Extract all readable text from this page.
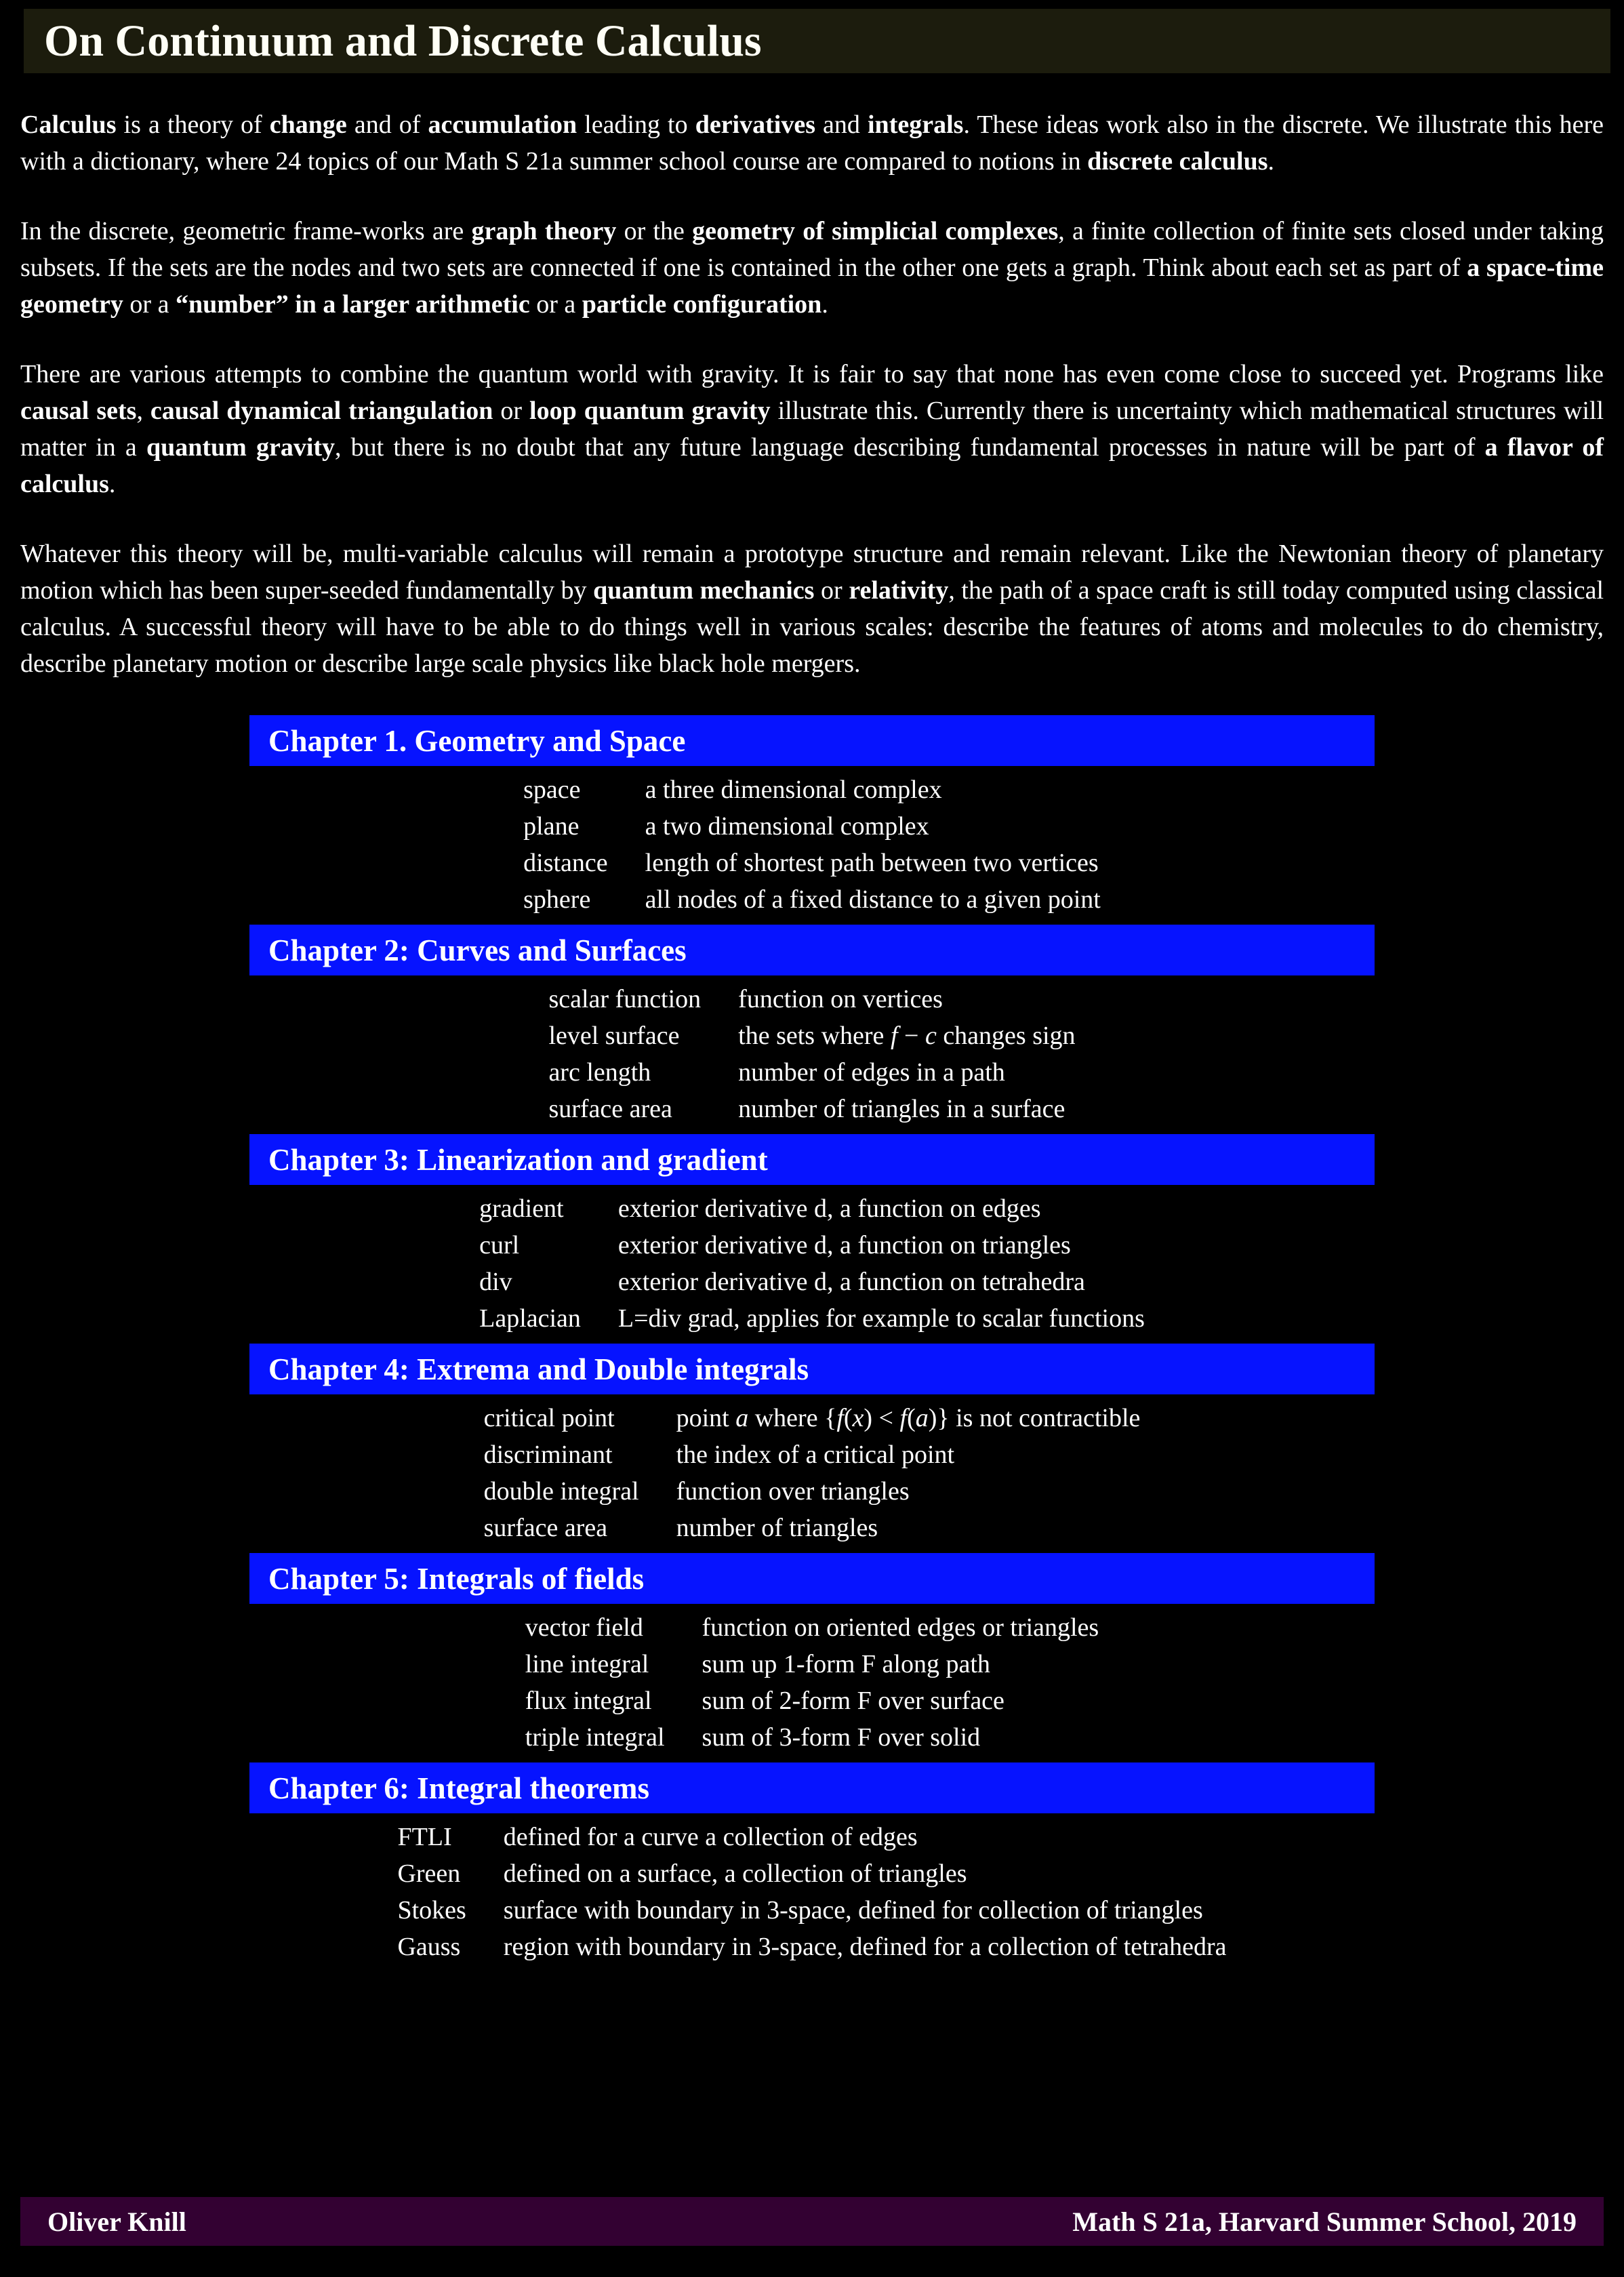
On Continuum and Discrete Calculus

Calculus is a theory of change and of accumulation leading to derivatives and integrals. These ideas work also in the discrete. We illustrate this here with a dictionary, where 24 topics of our Math S 21a summer school course are compared to notions in discrete calculus.

In the discrete, geometric frame-works are graph theory or the geometry of simplicial complexes, a finite collection of finite sets closed under taking subsets. If the sets are the nodes and two sets are connected if one is contained in the other one gets a graph. Think about each set as part of a space-time geometry or a “number” in a larger arithmetic or a particle configuration.

There are various attempts to combine the quantum world with gravity. It is fair to say that none has even come close to succeed yet. Programs like causal sets, causal dynamical triangulation or loop quantum gravity illustrate this. Currently there is uncertainty which mathematical structures will matter in a quantum gravity, but there is no doubt that any future language describing fundamental processes in nature will be part of a flavor of calculus.

Whatever this theory will be, multi-variable calculus will remain a prototype structure and remain relevant. Like the Newtonian theory of planetary motion which has been super-seeded fundamentally by quantum mechanics or relativity, the path of a space craft is still today computed using classical calculus. A successful theory will have to be able to do things well in various scales: describe the features of atoms and molecules to do chemistry, describe planetary motion or describe large scale physics like black hole mergers.

Chapter 1. Geometry and Space
space	a three dimensional complex
plane	a two dimensional complex
distance	length of shortest path between two vertices
sphere	all nodes of a fixed distance to a given point
Chapter 2: Curves and Surfaces
scalar function	function on vertices
level surface	the sets where f − c changes sign
arc length	number of edges in a path
surface area	number of triangles in a surface
Chapter 3: Linearization and gradient
gradient	exterior derivative d, a function on edges
curl	exterior derivative d, a function on triangles
div	exterior derivative d, a function on tetrahedra
Laplacian	L=div grad, applies for example to scalar functions
Chapter 4: Extrema and Double integrals
critical point	point a where {f(x) < f(a)} is not contractible
discriminant	the index of a critical point
double integral	function over triangles
surface area	number of triangles
Chapter 5: Integrals of fields
vector field	function on oriented edges or triangles
line integral	sum up 1-form F along path
flux integral	sum of 2-form F over surface
triple integral	sum of 3-form F over solid
Chapter 6: Integral theorems
FTLI	defined for a curve a collection of edges
Green	defined on a surface, a collection of triangles
Stokes	surface with boundary in 3-space, defined for collection of triangles
Gauss	region with boundary in 3-space, defined for a collection of tetrahedra
Oliver Knill	Math S 21a, Harvard Summer School, 2019
